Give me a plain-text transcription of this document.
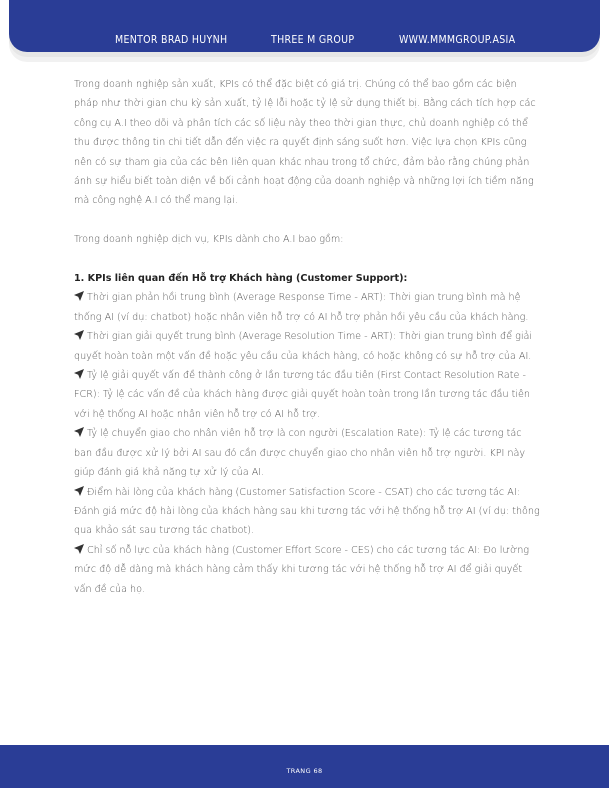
MENTOR BRAD HUYNH	THREE M GROUP	WWW.MMMGROUP.ASIA

Trong doanh nghiệp sản xuất, KPIs có thể đặc biệt có giá trị. Chúng có thể bao gồm các biện pháp như thời gian chu kỳ sản xuất, tỷ lệ lỗi hoặc tỷ lệ sử dụng thiết bị. Bằng cách tích hợp các công cụ A.I theo dõi và phân tích các số liệu này theo thời gian thực, chủ doanh nghiệp có thể thu được thông tin chi tiết dẫn đến việc ra quyết định sáng suốt hơn. Việc lựa chọn KPIs cũng nên có sự tham gia của các bên liên quan khác nhau trong tổ chức, đảm bảo rằng chúng phản ánh sự hiểu biết toàn diện về bối cảnh hoạt động của doanh nghiệp và những lợi ích tiềm năng mà công nghệ A.I có thể mang lại.

Trong doanh nghiệp dịch vụ, KPIs dành cho A.I bao gồm:

1. KPIs liên quan đến Hỗ trợ Khách hàng (Customer Support):

Thời gian phản hồi trung bình (Average Response Time - ART): Thời gian trung bình mà hệ thống AI (ví dụ: chatbot) hoặc nhân viên hỗ trợ có AI hỗ trợ phản hồi yêu cầu của khách hàng.

Thời gian giải quyết trung bình (Average Resolution Time - ART): Thời gian trung bình để giải quyết hoàn toàn một vấn đề hoặc yêu cầu của khách hàng, có hoặc không có sự hỗ trợ của AI.

Tỷ lệ giải quyết vấn đề thành công ở lần tương tác đầu tiên (First Contact Resolution Rate - FCR): Tỷ lệ các vấn đề của khách hàng được giải quyết hoàn toàn trong lần tương tác đầu tiên với hệ thống AI hoặc nhân viên hỗ trợ có AI hỗ trợ.

Tỷ lệ chuyển giao cho nhân viên hỗ trợ là con người (Escalation Rate): Tỷ lệ các tương tác ban đầu được xử lý bởi AI sau đó cần được chuyển giao cho nhân viên hỗ trợ người. KPI này giúp đánh giá khả năng tự xử lý của AI.

Điểm hài lòng của khách hàng (Customer Satisfaction Score - CSAT) cho các tương tác AI: Đánh giá mức độ hài lòng của khách hàng sau khi tương tác với hệ thống hỗ trợ AI (ví dụ: thông qua khảo sát sau tương tác chatbot).

Chỉ số nỗ lực của khách hàng (Customer Effort Score - CES) cho các tương tác AI: Đo lường mức độ dễ dàng mà khách hàng cảm thấy khi tương tác với hệ thống hỗ trợ AI để giải quyết vấn đề của họ.

TRANG 68
